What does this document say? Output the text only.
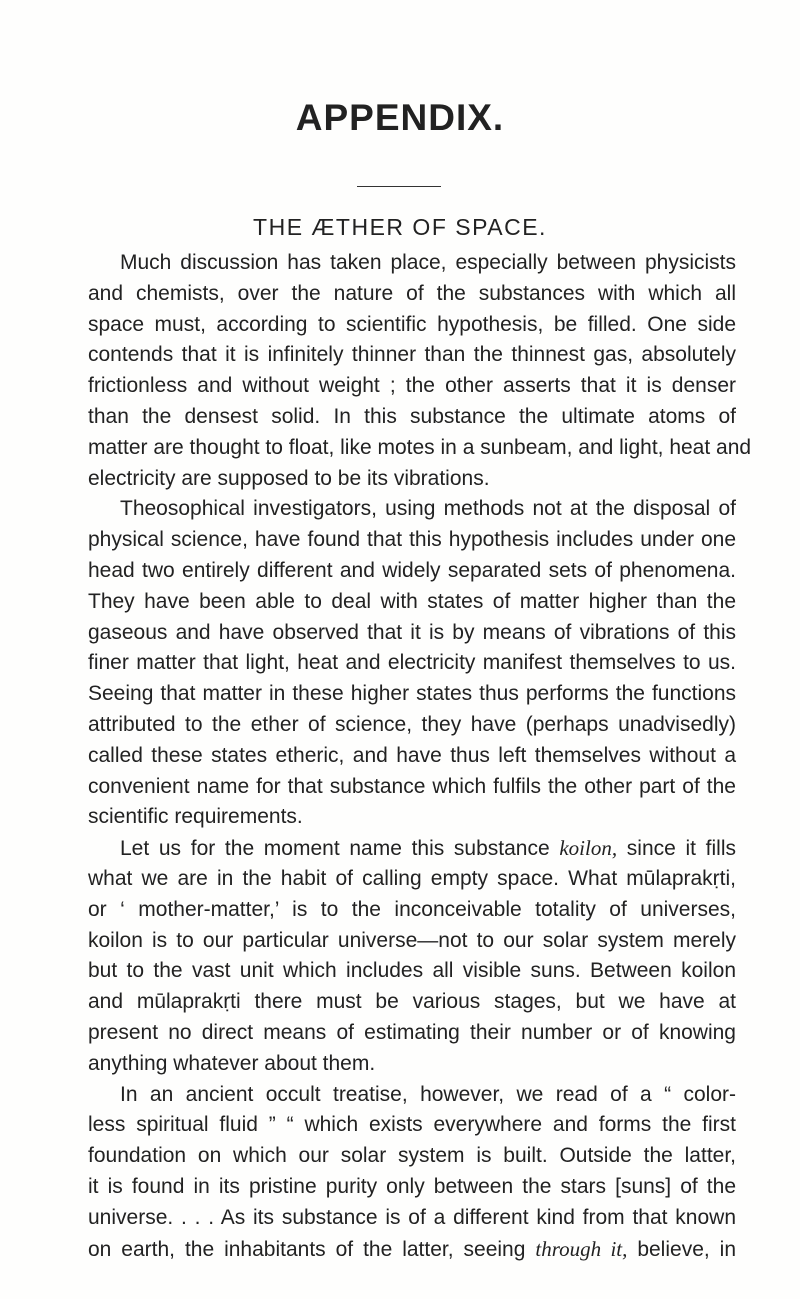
APPENDIX.
THE ÆTHER OF SPACE.
Much discussion has taken place, especially between physicists
and chemists, over the nature of the substances with which all
space must, according to scientific hypothesis, be filled. One side
contends that it is infinitely thinner than the thinnest gas, absolutely
frictionless and without weight ; the other asserts that it is denser
than the densest solid. In this substance the ultimate atoms of
matter are thought to float, like motes in a sunbeam, and light, heat and
electricity are supposed to be its vibrations.
Theosophical investigators, using methods not at the disposal of
physical science, have found that this hypothesis includes under one
head two entirely different and widely separated sets of phenomena.
They have been able to deal with states of matter higher than the
gaseous and have observed that it is by means of vibrations of this
finer matter that light, heat and electricity manifest themselves to us.
Seeing that matter in these higher states thus performs the functions
attributed to the ether of science, they have (perhaps unadvisedly)
called these states etheric, and have thus left themselves without a
convenient name for that substance which fulfils the other part of the
scientific requirements.
Let us for the moment name this substance koilon, since it fills
what we are in the habit of calling empty space. What mūlaprakṛti,
or ‘ mother-matter,’ is to the inconceivable totality of universes,
koilon is to our particular universe—not to our solar system merely
but to the vast unit which includes all visible suns. Between koilon
and mūlaprakṛti there must be various stages, but we have at
present no direct means of estimating their number or of knowing
anything whatever about them.
In an ancient occult treatise, however, we read of a “ color-
less spiritual fluid ” “ which exists everywhere and forms the first
foundation on which our solar system is built. Outside the latter,
it is found in its pristine purity only between the stars [suns] of the
universe. . . . As its substance is of a different kind from that known
on earth, the inhabitants of the latter, seeing through it, believe, in
